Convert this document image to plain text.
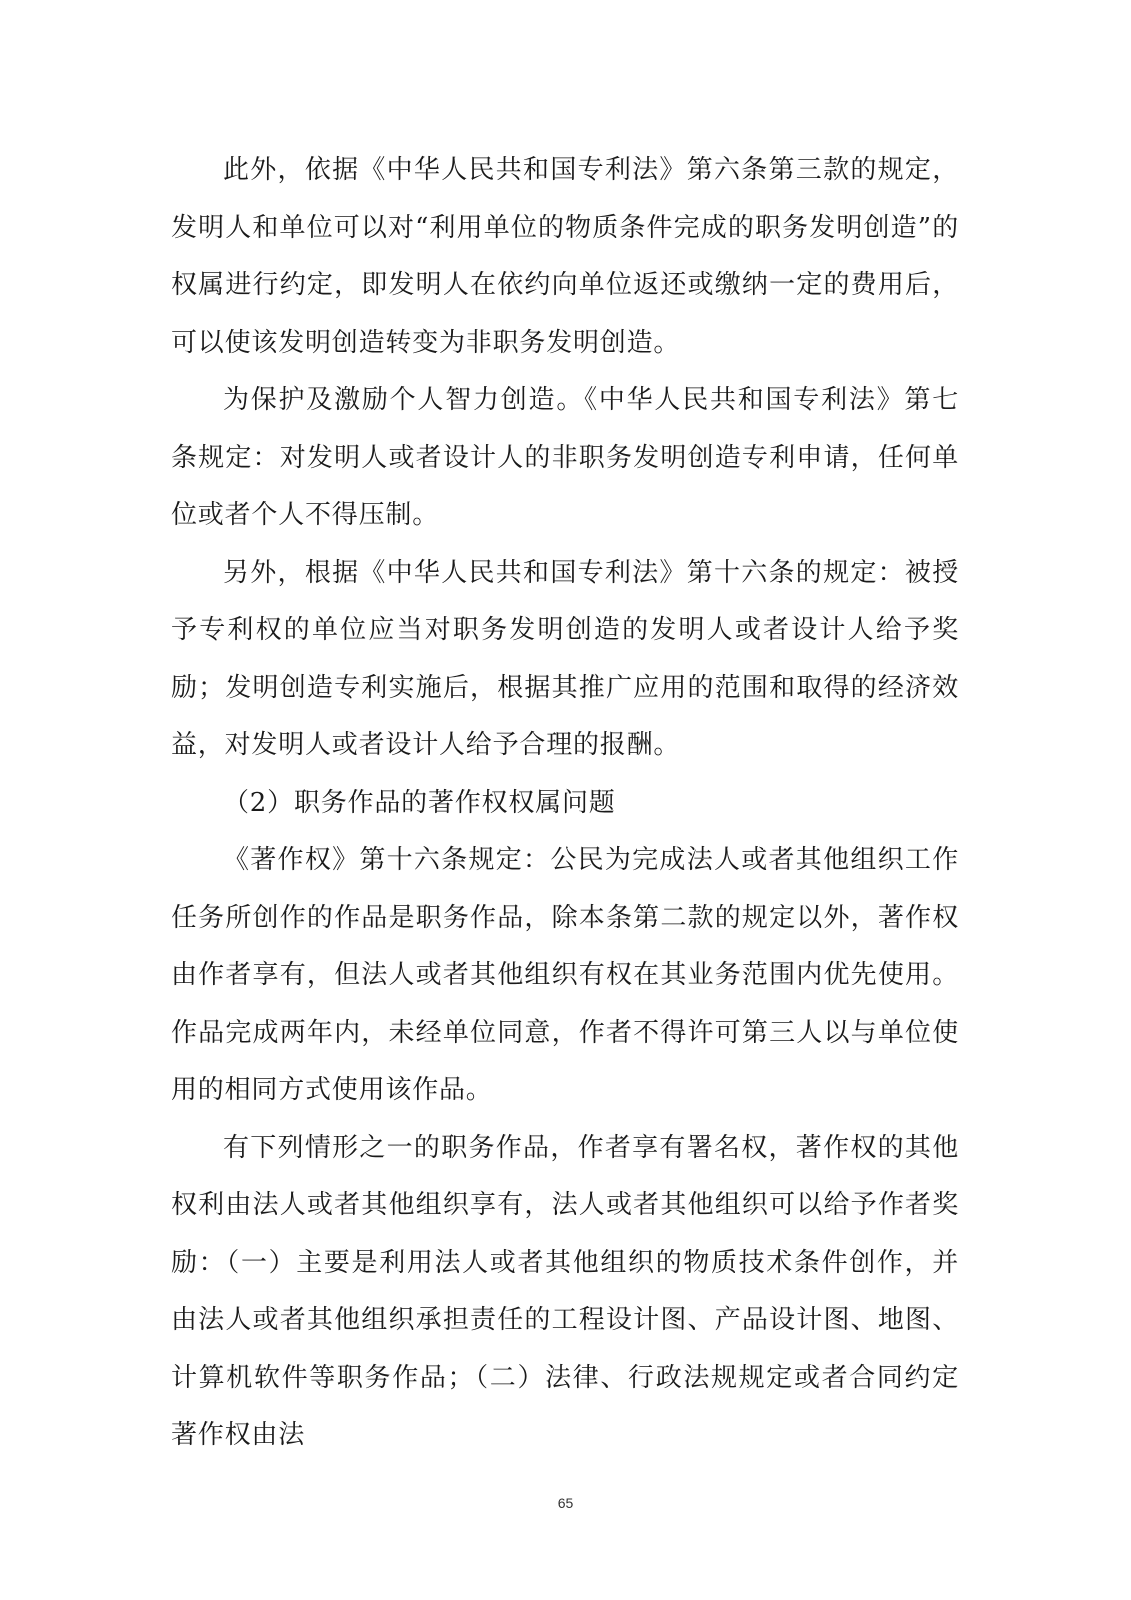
此外，依据《中华人民共和国专利法》第六条第三款的规定，发明人和单位可以对“利用单位的物质条件完成的职务发明创造”的权属进行约定，即发明人在依约向单位返还或缴纳一定的费用后，可以使该发明创造转变为非职务发明创造。

为保护及激励个人智力创造。《中华人民共和国专利法》第七条规定：对发明人或者设计人的非职务发明创造专利申请，任何单位或者个人不得压制。

另外，根据《中华人民共和国专利法》第十六条的规定：被授予专利权的单位应当对职务发明创造的发明人或者设计人给予奖励；发明创造专利实施后，根据其推广应用的范围和取得的经济效益，对发明人或者设计人给予合理的报酬。

（2）职务作品的著作权权属问题

《著作权》第十六条规定：公民为完成法人或者其他组织工作任务所创作的作品是职务作品，除本条第二款的规定以外，著作权由作者享有，但法人或者其他组织有权在其业务范围内优先使用。作品完成两年内，未经单位同意，作者不得许可第三人以与单位使用的相同方式使用该作品。

有下列情形之一的职务作品，作者享有署名权，著作权的其他权利由法人或者其他组织享有，法人或者其他组织可以给予作者奖励：（一）主要是利用法人或者其他组织的物质技术条件创作，并由法人或者其他组织承担责任的工程设计图、产品设计图、地图、计算机软件等职务作品；（二）法律、行政法规规定或者合同约定著作权由法

65
